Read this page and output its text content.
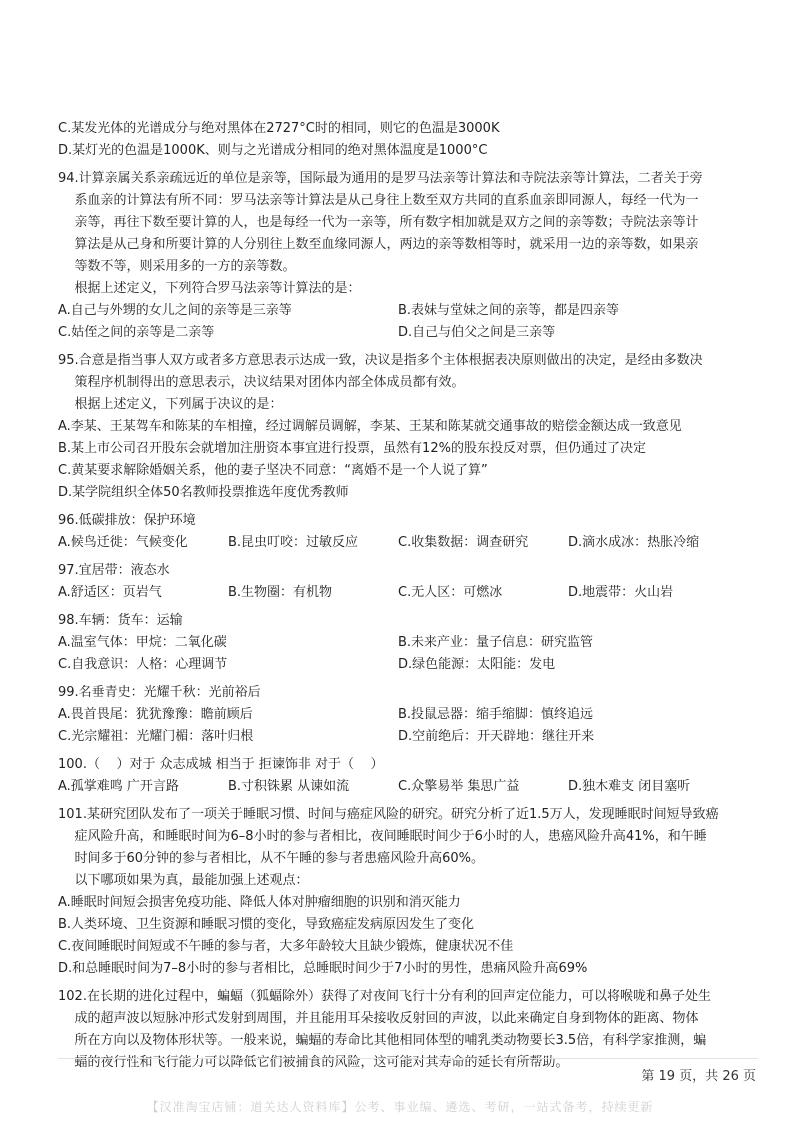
C.某发光体的光谱成分与绝对黑体在2727°C时的相同，则它的色温是3000K
D.某灯光的色温是1000K、则与之光谱成分相同的绝对黑体温度是1000°C
94.计算亲属关系亲疏远近的单位是亲等，国际最为通用的是罗马法亲等计算法和寺院法亲等计算法，二者关于旁
系血亲的计算法有所不同：罗马法亲等计算法是从己身往上数至双方共同的直系血亲即同源人，每经一代为一
亲等，再往下数至要计算的人，也是每经一代为一亲等，所有数字相加就是双方之间的亲等数；寺院法亲等计
算法是从己身和所要计算的人分别往上数至血缘同源人，两边的亲等数相等时，就采用一边的亲等数，如果亲
等数不等，则采用多的一方的亲等数。
根据上述定义，下列符合罗马法亲等计算法的是：
A.自己与外甥的女儿之间的亲等是三亲等	B.表妹与堂妹之间的亲等，都是四亲等
C.姑侄之间的亲等是二亲等	D.自己与伯父之间是三亲等
95.合意是指当事人双方或者多方意思表示达成一致，决议是指多个主体根据表决原则做出的决定，是经由多数决
策程序机制得出的意思表示，决议结果对团体内部全体成员都有效。
根据上述定义，下列属于决议的是：
A.李某、王某驾车和陈某的车相撞，经过调解员调解，李某、王某和陈某就交通事故的赔偿金额达成一致意见
B.某上市公司召开股东会就增加注册资本事宜进行投票，虽然有12%的股东投反对票，但仍通过了决定
C.黄某要求解除婚姻关系，他的妻子坚决不同意：“离婚不是一个人说了算”
D.某学院组织全体50名教师投票推选年度优秀教师
96.低碳排放：保护环境
A.候鸟迁徙：气候变化	B.昆虫叮咬：过敏反应	C.收集数据：调查研究	D.滴水成冰：热胀冷缩
97.宜居带：液态水
A.舒适区：页岩气	B.生物圈：有机物	C.无人区：可燃冰	D.地震带：火山岩
98.车辆：货车：运输
A.温室气体：甲烷：二氧化碳	B.未来产业：量子信息：研究监管
C.自我意识：人格：心理调节	D.绿色能源：太阳能：发电
99.名垂青史：光耀千秋：光前裕后
A.畏首畏尾：犹犹豫豫：瞻前顾后	B.投鼠忌器：缩手缩脚：慎终追远
C.光宗耀祖：光耀门楣：落叶归根	D.空前绝后：开天辟地：继往开来
100.（    ）对于 众志成城 相当于 拒谏饰非 对于（    ）
A.孤掌难鸣 广开言路	B.寸积铢累 从谏如流	C.众擎易举 集思广益	D.独木难支 闭目塞听
101.某研究团队发布了一项关于睡眠习惯、时间与癌症风险的研究。研究分析了近1.5万人，发现睡眠时间短导致癌
症风险升高，和睡眠时间为6–8小时的参与者相比，夜间睡眠时间少于6小时的人，患癌风险升高41%，和午睡
时间多于60分钟的参与者相比，从不午睡的参与者患癌风险升高60%。
以下哪项如果为真，最能加强上述观点：
A.睡眠时间短会损害免疫功能、降低人体对肿瘤细胞的识别和消灭能力
B.人类环境、卫生资源和睡眠习惯的变化，导致癌症发病原因发生了变化
C.夜间睡眠时间短或不午睡的参与者，大多年龄较大且缺少锻炼，健康状况不佳
D.和总睡眠时间为7–8小时的参与者相比，总睡眠时间少于7小时的男性，患痛风险升高69%
102.在长期的进化过程中，蝙蝠（狐蝠除外）获得了对夜间飞行十分有利的回声定位能力，可以将喉咙和鼻子处生
成的超声波以短脉冲形式发射到周围，并且能用耳朵接收反射回的声波，以此来确定自身到物体的距离、物体
所在方向以及物体形状等。一般来说，蝙蝠的寿命比其他相同体型的哺乳类动物要长3.5倍，有科学家推测，蝙
蝠的夜行性和飞行能力可以降低它们被捕食的风险，这可能对其寿命的延长有所帮助。
第 19 页，共 26 页
【汉准淘宝店铺：道关达人资料库】公考、事业编、遴选、考研，一站式备考，持续更新
